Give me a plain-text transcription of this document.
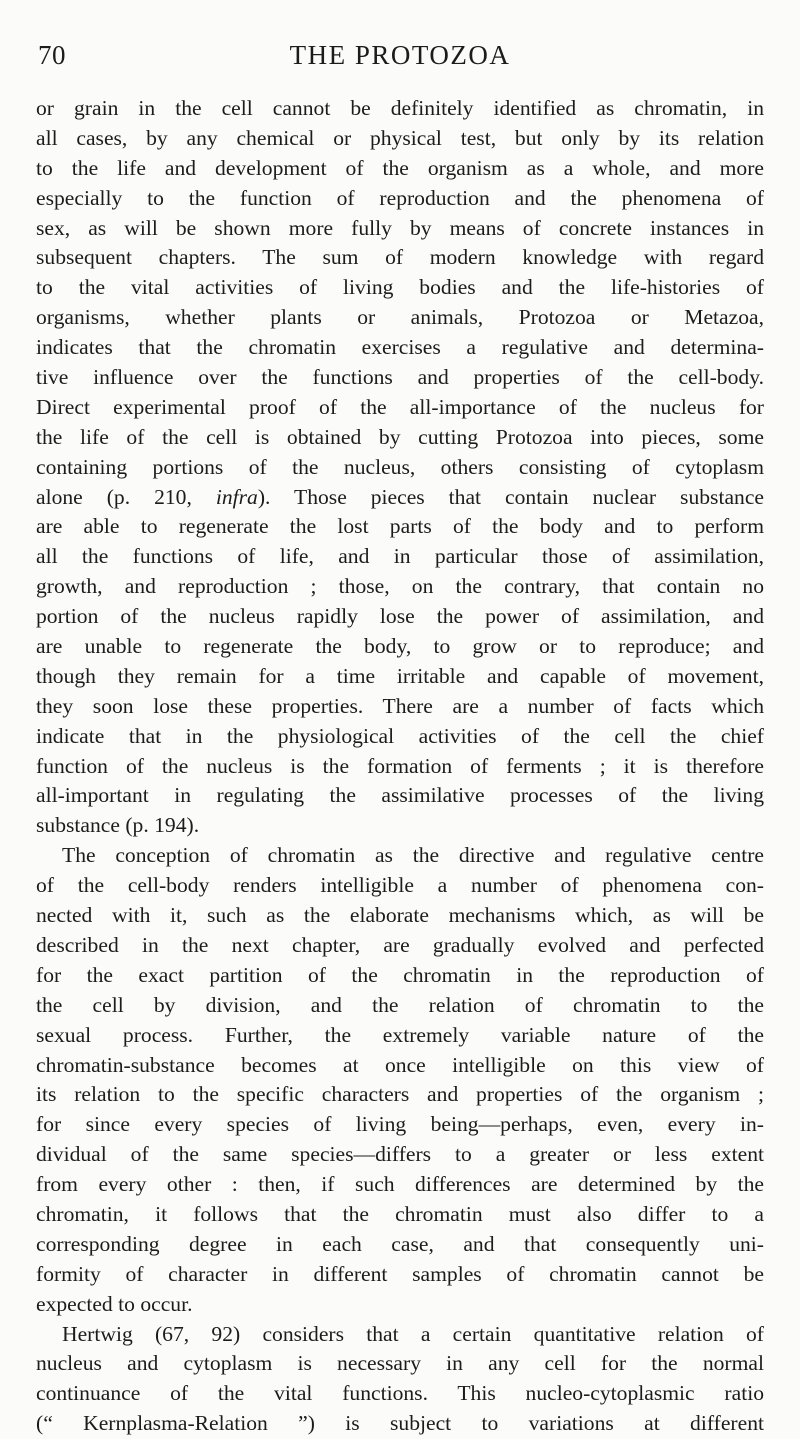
70	THE PROTOZOA
or grain in the cell cannot be definitely identified as chromatin, in
all cases, by any chemical or physical test, but only by its relation
to the life and development of the organism as a whole, and more
especially to the function of reproduction and the phenomena of
sex, as will be shown more fully by means of concrete instances in
subsequent chapters. The sum of modern knowledge with regard
to the vital activities of living bodies and the life-histories of
organisms, whether plants or animals, Protozoa or Metazoa,
indicates that the chromatin exercises a regulative and determina-
tive influence over the functions and properties of the cell-body.
Direct experimental proof of the all-importance of the nucleus for
the life of the cell is obtained by cutting Protozoa into pieces, some
containing portions of the nucleus, others consisting of cytoplasm
alone (p. 210, infra). Those pieces that contain nuclear substance
are able to regenerate the lost parts of the body and to perform
all the functions of life, and in particular those of assimilation,
growth, and reproduction ; those, on the contrary, that contain no
portion of the nucleus rapidly lose the power of assimilation, and
are unable to regenerate the body, to grow or to reproduce; and
though they remain for a time irritable and capable of movement,
they soon lose these properties. There are a number of facts which
indicate that in the physiological activities of the cell the chief
function of the nucleus is the formation of ferments ; it is therefore
all-important in regulating the assimilative processes of the living
substance (p. 194).
The conception of chromatin as the directive and regulative centre
of the cell-body renders intelligible a number of phenomena con-
nected with it, such as the elaborate mechanisms which, as will be
described in the next chapter, are gradually evolved and perfected
for the exact partition of the chromatin in the reproduction of
the cell by division, and the relation of chromatin to the
sexual process. Further, the extremely variable nature of the
chromatin-substance becomes at once intelligible on this view of
its relation to the specific characters and properties of the organism ;
for since every species of living being—perhaps, even, every in-
dividual of the same species—differs to a greater or less extent
from every other : then, if such differences are determined by the
chromatin, it follows that the chromatin must also differ to a
corresponding degree in each case, and that consequently uni-
formity of character in different samples of chromatin cannot be
expected to occur.
Hertwig (67, 92) considers that a certain quantitative relation of
nucleus and cytoplasm is necessary in any cell for the normal
continuance of the vital functions. This nucleo-cytoplasmic ratio
(“ Kernplasma-Relation ”) is subject to variations at different
